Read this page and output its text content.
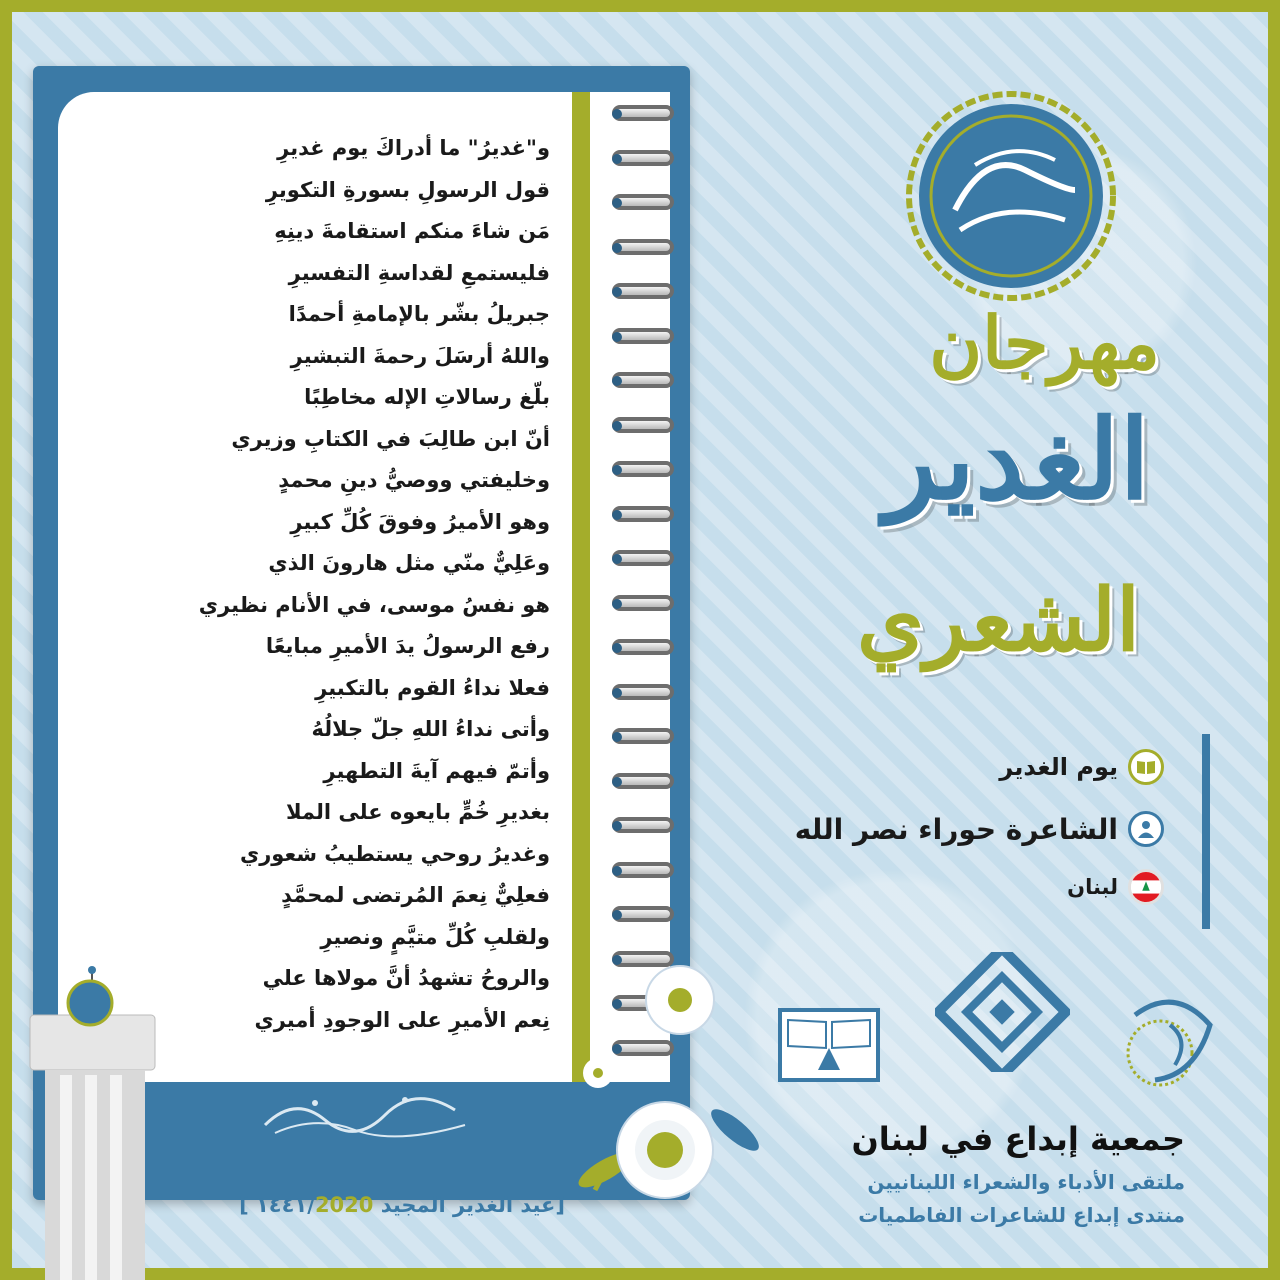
و"غديرُ" ما أدراكَ يوم غديرِ
قول الرسولِ بسورةِ التكويرِ
مَن شاءَ منكم استقامةَ دينِهِ
فليستمعِ لقداسةِ التفسيرِ
جبريلُ بشّر بالإمامةِ أحمدًا
واللهُ أرسَلَ رحمةَ التبشيرِ
بلّغ رسالاتِ الإله مخاطِبًا
أنّ ابن طالِبَ في الكتابِ وزيري
وخليفتي ووصيُّ دينِ محمدٍ
وهو الأميرُ وفوقَ كُلِّ كبيرِ
وعَلِيٌّ منّي مثل هارونَ الذي
هو نفسُ موسى، في الأنام نظيري
رفع الرسولُ يدَ الأميرِ مبايعًا
فعلا نداءُ القوم بالتكبيرِ
وأتى نداءُ اللهِ جلّ جلالُهُ
وأتمّ فيهم آيةَ التطهيرِ
بغديرِ خُمٍّ بايعوه على الملا
وغديرُ روحي يستطيبُ شعوري
فعلِيٌّ نِعمَ المُرتضى لمحمَّدٍ
ولقلبِ كُلِّ متيَّمٍ ونصيرِ
والروحُ تشهدُ أنَّ مولاها علي
نِعم الأميرِ على الوجودِ أميري
[عيد الغدير المجيد ١٤٤١/2020 ]
مهرجان
الغدير
الشعري
يوم الغدير
الشاعرة حوراء نصر الله
لبنان
جمعية إبداع في لبنان
ملتقى الأدباء والشعراء اللبنانيين
منتدى إبداع للشاعرات الفاطميات
